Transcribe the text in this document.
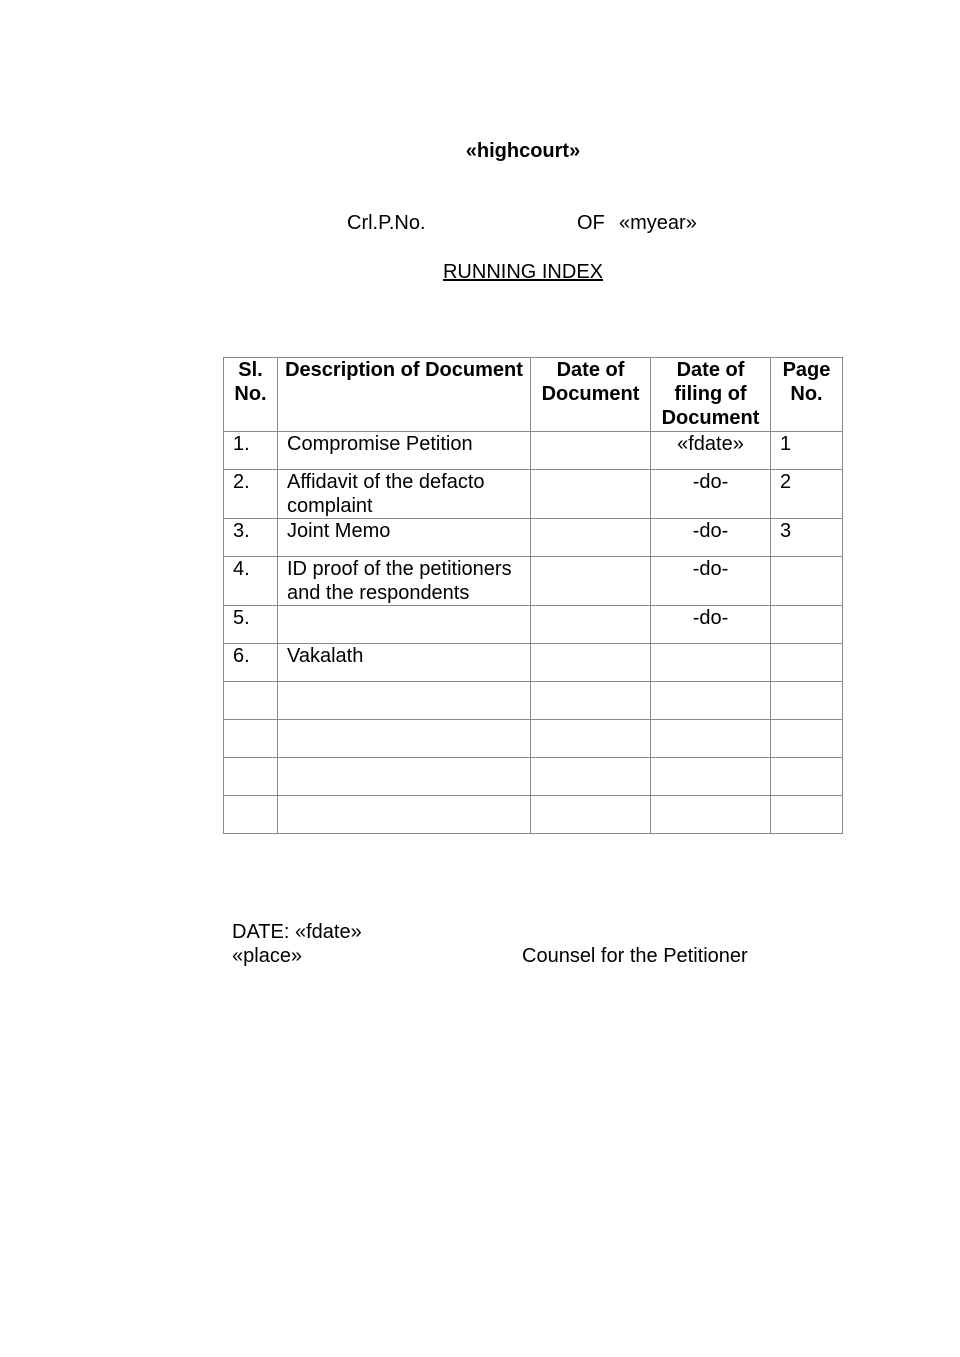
«highcourt»
Crl.P.No.	OF «myear»
RUNNING INDEX
Sl. No.	Description of Document	Date of Document	Date of filing of Document	Page No.
1.	Compromise Petition		«fdate»	1
2.	Affidavit of the defacto complaint		-do-	2
3.	Joint Memo		-do-	3
4.	ID proof of the petitioners and the respondents		-do-	
5.			-do-	
6.	Vakalath			

DATE: «fdate»
«place»	Counsel for the Petitioner
